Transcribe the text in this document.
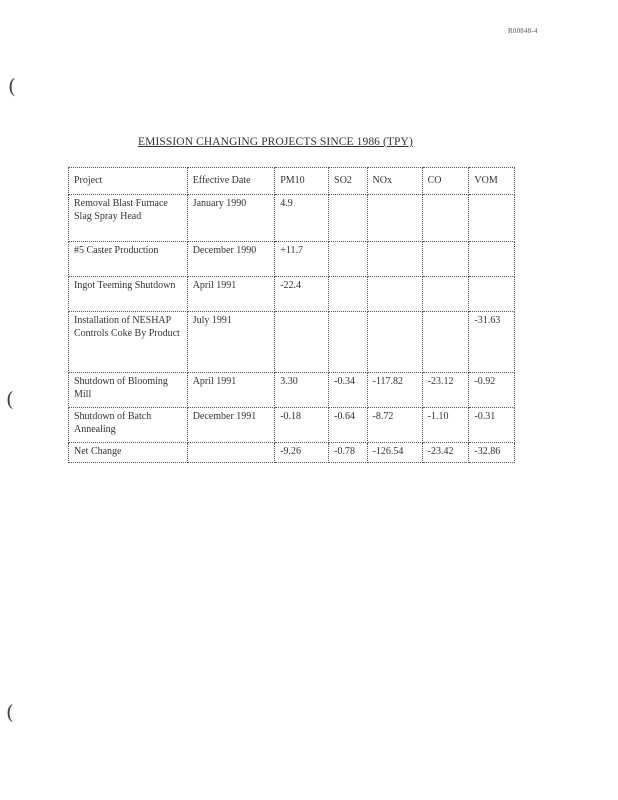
R00848-4
(
(
(
EMISSION CHANGING PROJECTS SINCE 1986 (TPY)
Project	Effective Date	PM10	SO2	NOx	CO	VOM
Removal Blast Furnace Slag Spray Head	January 1990	4.9				
#5 Caster Production	December 1990	+11.7				
Ingot Teeming Shutdown	April 1991	-22.4				
Installation of NESHAP Controls Coke By Product	July 1991					-31.63
Shutdown of Blooming Mill	April 1991	3.30	-0.34	-117.82	-23.12	-0.92
Shutdown of Batch Annealing	December 1991	-0.18	-0.64	-8.72	-1.10	-0.31
Net Change		-9.26	-0.78	-126.54	-23.42	-32.86
